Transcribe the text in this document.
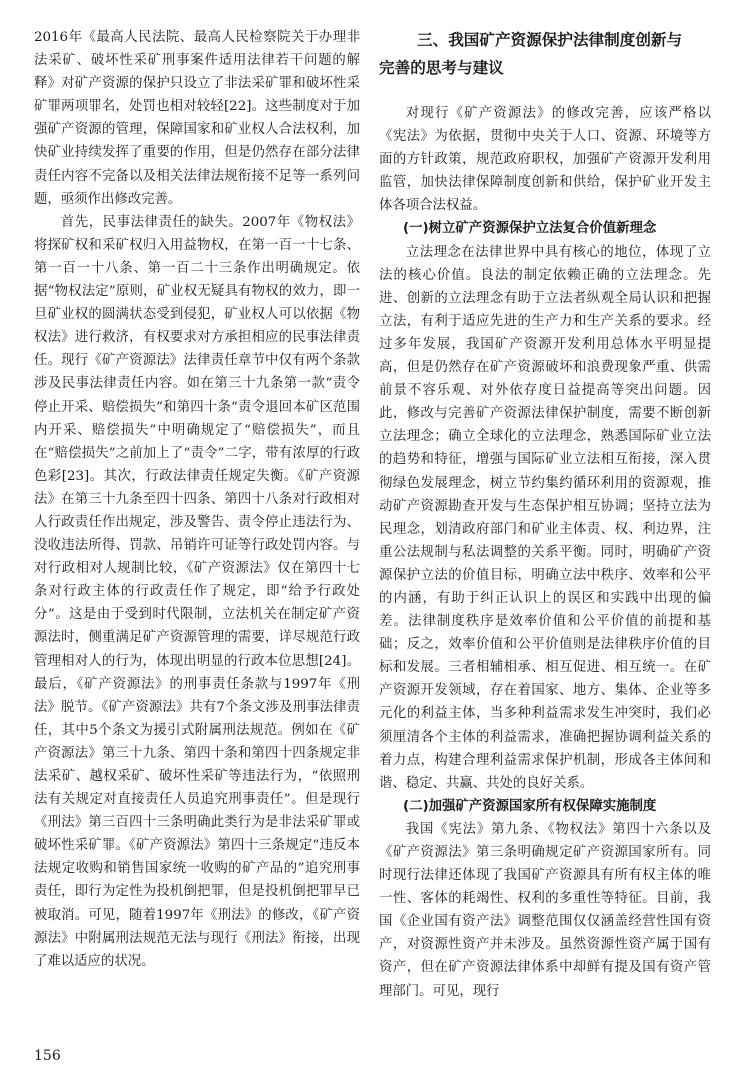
2016年《最高人民法院、最高人民检察院关于办理非法采矿、破坏性采矿刑事案件适用法律若干问题的解释》对矿产资源的保护只设立了非法采矿罪和破坏性采矿罪两项罪名，处罚也相对较轻[22]。这些制度对于加强矿产资源的管理，保障国家和矿业权人合法权利，加快矿业持续发挥了重要的作用，但是仍然存在部分法律责任内容不完备以及相关法律法规衔接不足等一系列问题，亟须作出修改完善。

首先，民事法律责任的缺失。2007年《物权法》将探矿权和采矿权归入用益物权，在第一百一十七条、第一百一十八条、第一百二十三条作出明确规定。依据“物权法定”原则，矿业权无疑具有物权的效力，即一旦矿业权的圆满状态受到侵犯，矿业权人可以依据《物权法》进行救济，有权要求对方承担相应的民事法律责任。现行《矿产资源法》法律责任章节中仅有两个条款涉及民事法律责任内容。如在第三十九条第一款“责令停止开采、赔偿损失”和第四十条“责令退回本矿区范围内开采、赔偿损失”中明确规定了“赔偿损失”，而且在“赔偿损失”之前加上了“责令”二字，带有浓厚的行政色彩[23]。其次，行政法律责任规定失衡。《矿产资源法》在第三十九条至四十四条、第四十八条对行政相对人行政责任作出规定，涉及警告、责令停止违法行为、没收违法所得、罚款、吊销许可证等行政处罚内容。与对行政相对人规制比较，《矿产资源法》仅在第四十七条对行政主体的行政责任作了规定，即“给予行政处分”。这是由于受到时代限制，立法机关在制定矿产资源法时，侧重满足矿产资源管理的需要，详尽规范行政管理相对人的行为，体现出明显的行政本位思想[24]。最后，《矿产资源法》的刑事责任条款与1997年《刑法》脱节。《矿产资源法》共有7个条文涉及刑事法律责任，其中5个条文为援引式附属刑法规范。例如在《矿产资源法》第三十九条、第四十条和第四十四条规定非法采矿、越权采矿、破坏性采矿等违法行为，“依照刑法有关规定对直接责任人员追究刑事责任”。但是现行《刑法》第三百四十三条明确此类行为是非法采矿罪或破坏性采矿罪。《矿产资源法》第四十三条规定“违反本法规定收购和销售国家统一收购的矿产品的”追究刑事责任，即行为定性为投机倒把罪，但是投机倒把罪早已被取消。可见，随着1997年《刑法》的修改，《矿产资源法》中附属刑法规范无法与现行《刑法》衔接，出现了难以适应的状况。

三、我国矿产资源保护法律制度创新与
完善的思考与建议

对现行《矿产资源法》的修改完善，应该严格以《宪法》为依据，贯彻中央关于人口、资源、环境等方面的方针政策，规范政府职权，加强矿产资源开发利用监管，加快法律保障制度创新和供给，保护矿业开发主体各项合法权益。

(一)树立矿产资源保护立法复合价值新理念

立法理念在法律世界中具有核心的地位，体现了立法的核心价值。良法的制定依赖正确的立法理念。先进、创新的立法理念有助于立法者纵观全局认识和把握立法，有利于适应先进的生产力和生产关系的要求。经过多年发展，我国矿产资源开发利用总体水平明显提高，但是仍然存在矿产资源破坏和浪费现象严重、供需前景不容乐观、对外依存度日益提高等突出问题。因此，修改与完善矿产资源法律保护制度，需要不断创新立法理念；确立全球化的立法理念，熟悉国际矿业立法的趋势和特征，增强与国际矿业立法相互衔接，深入贯彻绿色发展理念，树立节约集约循环利用的资源观，推动矿产资源勘查开发与生态保护相互协调；坚持立法为民理念，划清政府部门和矿业主体责、权、利边界，注重公法规制与私法调整的关系平衡。同时，明确矿产资源保护立法的价值目标，明确立法中秩序、效率和公平的内涵，有助于纠正认识上的误区和实践中出现的偏差。法律制度秩序是效率价值和公平价值的前提和基础；反之，效率价值和公平价值则是法律秩序价值的目标和发展。三者相辅相承、相互促进、相互统一。在矿产资源开发领域，存在着国家、地方、集体、企业等多元化的利益主体，当多种利益需求发生冲突时，我们必须厘清各个主体的利益需求，准确把握协调利益关系的着力点，构建合理利益需求保护机制，形成各主体间和谐、稳定、共赢、共处的良好关系。

(二)加强矿产资源国家所有权保障实施制度

我国《宪法》第九条、《物权法》第四十六条以及《矿产资源法》第三条明确规定矿产资源国家所有。同时现行法律还体现了我国矿产资源具有所有权主体的唯一性、客体的耗竭性、权利的多重性等特征。目前，我国《企业国有资产法》调整范围仅仅涵盖经营性国有资产，对资源性资产并未涉及。虽然资源性资产属于国有资产，但在矿产资源法律体系中却鲜有提及国有资产管理部门。可见，现行

156
